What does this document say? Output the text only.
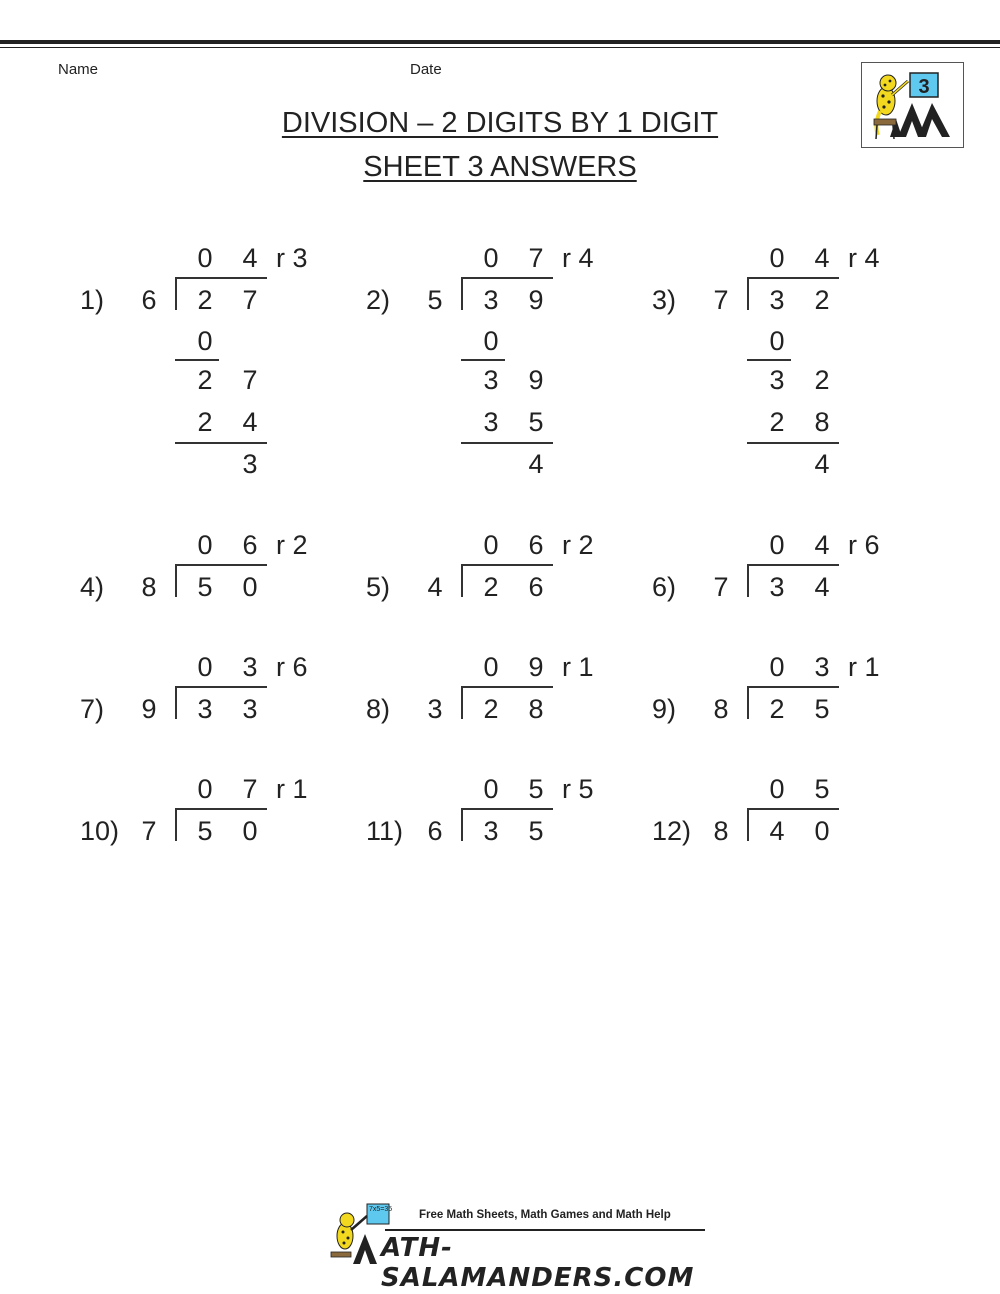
Name	Date
DIVISION – 2 DIGITS BY 1 DIGIT
SHEET 3 ANSWERS
3
0 4 r 3
1) 6 2 7
0
2 7
2 4
3
0 7 r 4
2) 5 3 9
0
3 9
3 5
4
0 4 r 4
3) 7 3 2
0
3 2
2 8
4
0 6 r 2
4) 8 5 0
0 6 r 2
5) 4 2 6
0 4 r 6
6) 7 3 4
0 3 r 6
7) 9 3 3
0 9 r 1
8) 3 2 8
0 3 r 1
9) 8 2 5
0 7 r 1
10) 7 5 0
0 5 r 5
11) 6 3 5
0 5
12) 8 4 0
7x5=35 Free Math Sheets, Math Games and Math Help
ATH-SALAMANDERS.COM
